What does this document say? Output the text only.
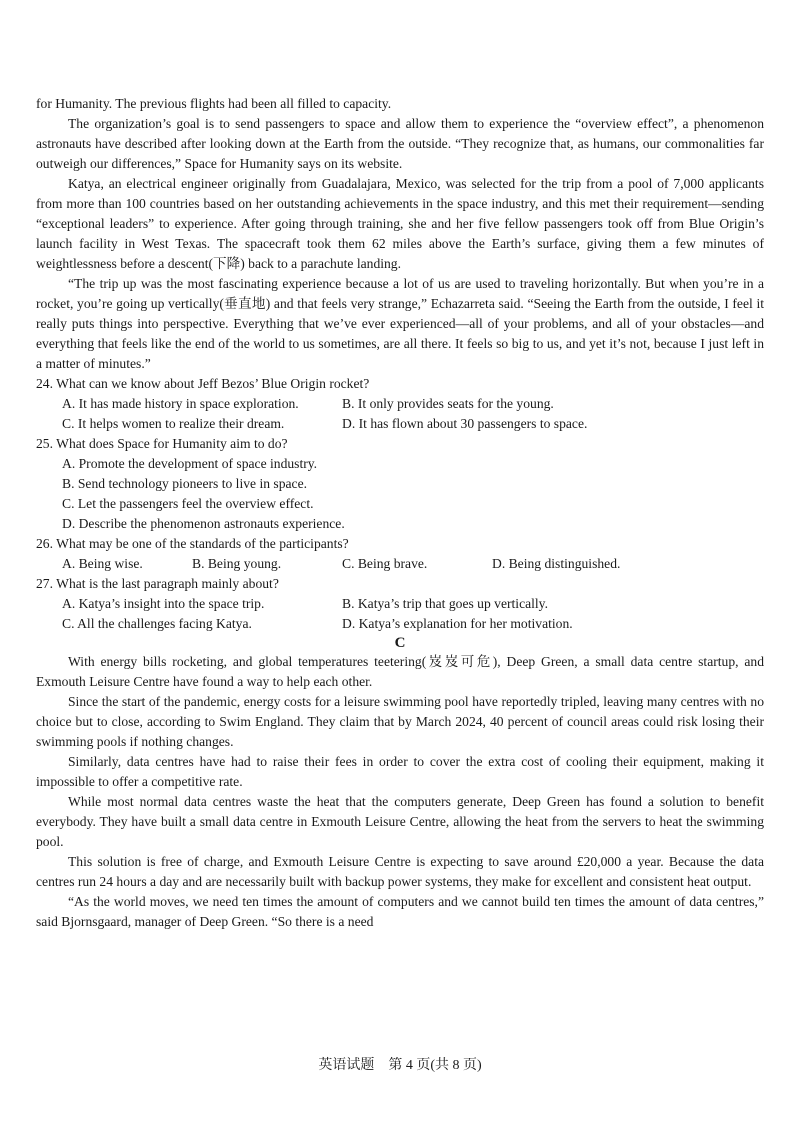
for Humanity. The previous flights had been all filled to capacity.

The organization’s goal is to send passengers to space and allow them to experience the “overview effect”, a phenomenon astronauts have described after looking down at the Earth from the outside. “They recognize that, as humans, our commonalities far outweigh our differences,” Space for Humanity says on its website.

Katya, an electrical engineer originally from Guadalajara, Mexico, was selected for the trip from a pool of 7,000 applicants from more than 100 countries based on her outstanding achievements in the space industry, and this met their requirement—sending “exceptional leaders” to experience. After going through training, she and her five fellow passengers took off from Blue Origin’s launch facility in West Texas. The spacecraft took them 62 miles above the Earth’s surface, giving them a few minutes of weightlessness before a descent(下降) back to a parachute landing.

“The trip up was the most fascinating experience because a lot of us are used to traveling horizontally. But when you’re in a rocket, you’re going up vertically(垂直地) and that feels very strange,” Echazarreta said. “Seeing the Earth from the outside, I feel it really puts things into perspective. Everything that we’ve ever experienced—all of your problems, and all of your obstacles—and everything that feels like the end of the world to us sometimes, are all there. It feels so big to us, and yet it’s not, because I just left in a matter of minutes.”

24. What can we know about Jeff Bezos’ Blue Origin rocket?

A. It has made history in space exploration.	B. It only provides seats for the young.
C. It helps women to realize their dream.	D. It has flown about 30 passengers to space.

25. What does Space for Humanity aim to do?

A. Promote the development of space industry.
B. Send technology pioneers to live in space.
C. Let the passengers feel the overview effect.
D. Describe the phenomenon astronauts experience.

26. What may be one of the standards of the participants?

A. Being wise.	B. Being young.	C. Being brave.	D. Being distinguished.

27. What is the last paragraph mainly about?

A. Katya’s insight into the space trip.	B. Katya’s trip that goes up vertically.
C. All the challenges facing Katya.	D. Katya’s explanation for her motivation.

C

With energy bills rocketing, and global temperatures teetering(岌岌可危), Deep Green, a small data centre startup, and Exmouth Leisure Centre have found a way to help each other.

Since the start of the pandemic, energy costs for a leisure swimming pool have reportedly tripled, leaving many centres with no choice but to close, according to Swim England. They claim that by March 2024, 40 percent of council areas could risk losing their swimming pools if nothing changes.

Similarly, data centres have had to raise their fees in order to cover the extra cost of cooling their equipment, making it impossible to offer a competitive rate.

While most normal data centres waste the heat that the computers generate, Deep Green has found a solution to benefit everybody. They have built a small data centre in Exmouth Leisure Centre, allowing the heat from the servers to heat the swimming pool.

This solution is free of charge, and Exmouth Leisure Centre is expecting to save around £20,000 a year. Because the data centres run 24 hours a day and are necessarily built with backup power systems, they make for excellent and consistent heat output.

“As the world moves, we need ten times the amount of computers and we cannot build ten times the amount of data centres,” said Bjornsgaard, manager of Deep Green. “So there is a need

英语试题　第 4 页(共 8 页)
